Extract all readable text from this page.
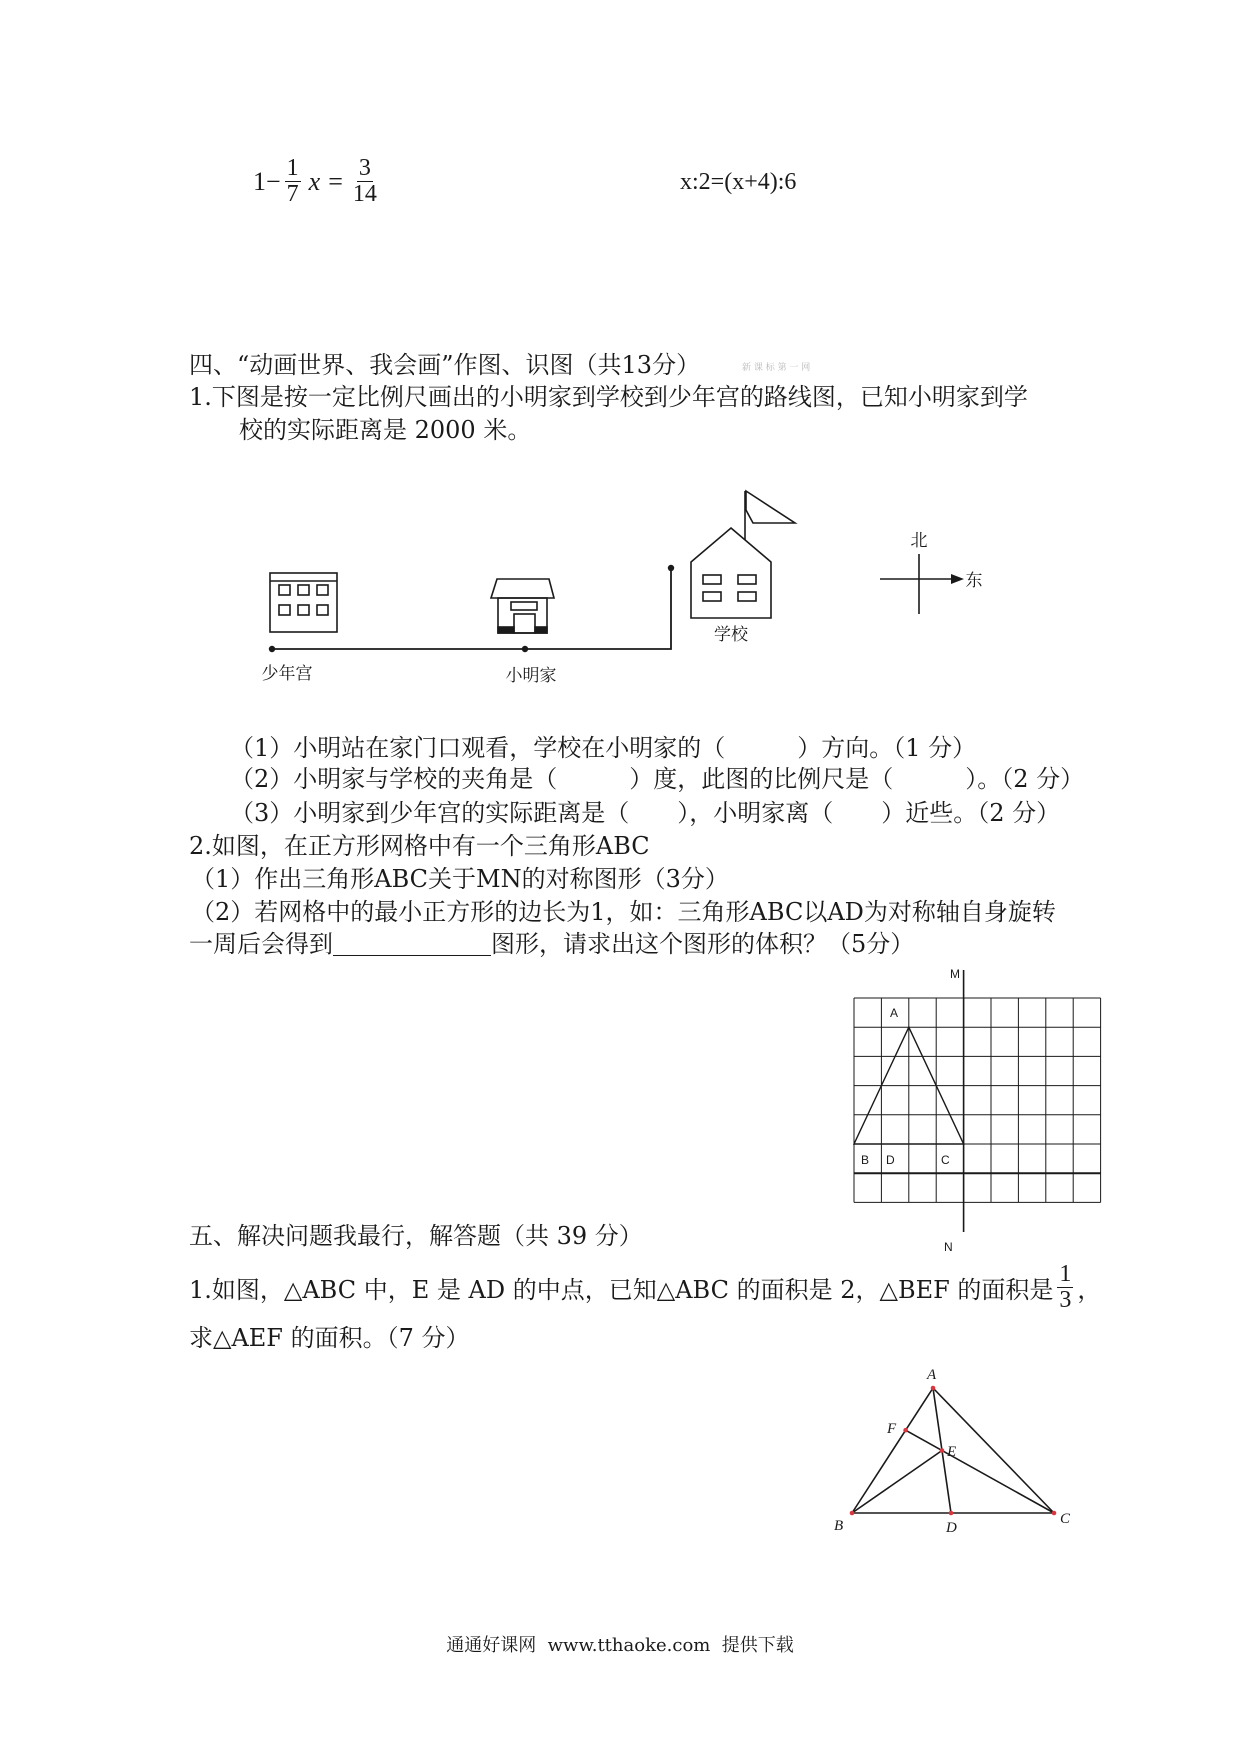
$1- \frac{1}{7}$ $x = \frac{3}{14}$	x:2=(x+4):6
四、“动画世界、我会画”作图、识图（共13分）	新 课 标 第 一 网
1.下图是按一定比例尺画出的小明家到学校到少年宫的路线图，已知小明家到学
校的实际距离是 2000 米。
少年宫	小明家
学校
北
东
（1）小明站在家门口观看，学校在小明家的（　　　）方向。（1 分）
（2）小明家与学校的夹角是（　　　）度，此图的比例尺是（　　　）。（2 分）
（3）小明家到少年宫的实际距离是（　　），小明家离（　　）近些。（2 分）
2.如图，在正方形网格中有一个三角形ABC
（1）作出三角形ABC关于MN的对称图形（3分）
（2）若网格中的最小正方形的边长为1，如：三角形ABC以AD为对称轴自身旋转
一周后会得到	图形，请求出这个图形的体积？（5分）
M
N
A
B D	C
五、解决问题我最行，解答题（共 39 分）
1.如图，△ABC 中，E 是 AD 的中点，已知△ABC 的面积是 2，△BEF 的面积是 $\frac{1}{3}$ ，
求△AEF 的面积。（7 分）
A
F
E
B	D
C
通通好课网  www.tthaoke.com  提供下载
